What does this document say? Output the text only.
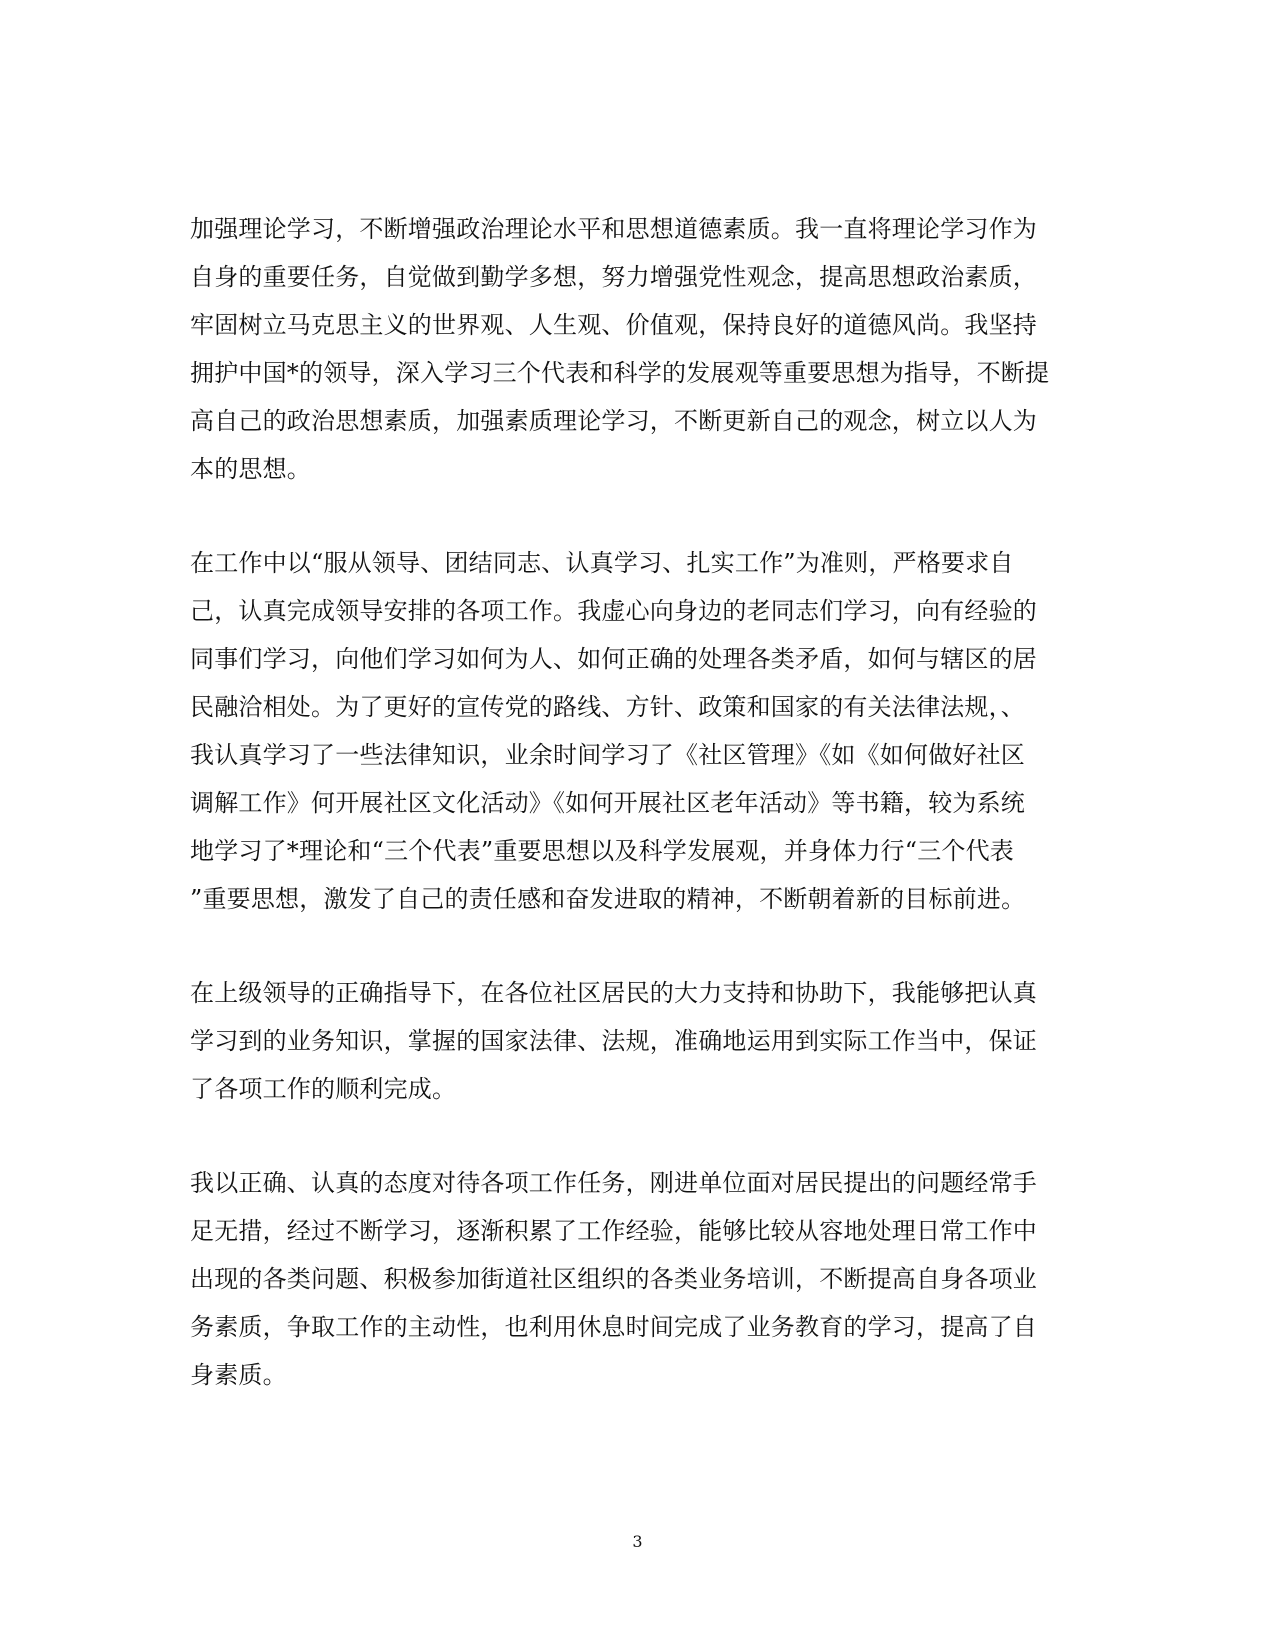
加强理论学习，不断增强政治理论水平和思想道德素质。我一直将理论学习作为
自身的重要任务，自觉做到勤学多想，努力增强党性观念，提高思想政治素质，
牢固树立马克思主义的世界观、人生观、价值观，保持良好的道德风尚。我坚持
拥护中国*的领导，深入学习三个代表和科学的发展观等重要思想为指导，不断提
高自己的政治思想素质，加强素质理论学习，不断更新自己的观念，树立以人为
本的思想。
在工作中以“服从领导、团结同志、认真学习、扎实工作”为准则，严格要求自
己，认真完成领导安排的各项工作。我虚心向身边的老同志们学习，向有经验的
同事们学习，向他们学习如何为人、如何正确的处理各类矛盾，如何与辖区的居
民融洽相处。为了更好的宣传党的路线、方针、政策和国家的有关法律法规，、
我认真学习了一些法律知识，业余时间学习了《社区管理》《如《如何做好社区
调解工作》何开展社区文化活动》《如何开展社区老年活动》等书籍，较为系统
地学习了*理论和“三个代表”重要思想以及科学发展观，并身体力行“三个代表
”重要思想，激发了自己的责任感和奋发进取的精神，不断朝着新的目标前进。
在上级领导的正确指导下，在各位社区居民的大力支持和协助下，我能够把认真
学习到的业务知识，掌握的国家法律、法规，准确地运用到实际工作当中，保证
了各项工作的顺利完成。
我以正确、认真的态度对待各项工作任务，刚进单位面对居民提出的问题经常手
足无措，经过不断学习，逐渐积累了工作经验，能够比较从容地处理日常工作中
出现的各类问题、积极参加街道社区组织的各类业务培训，不断提高自身各项业
务素质，争取工作的主动性，也利用休息时间完成了业务教育的学习，提高了自
身素质。
3
